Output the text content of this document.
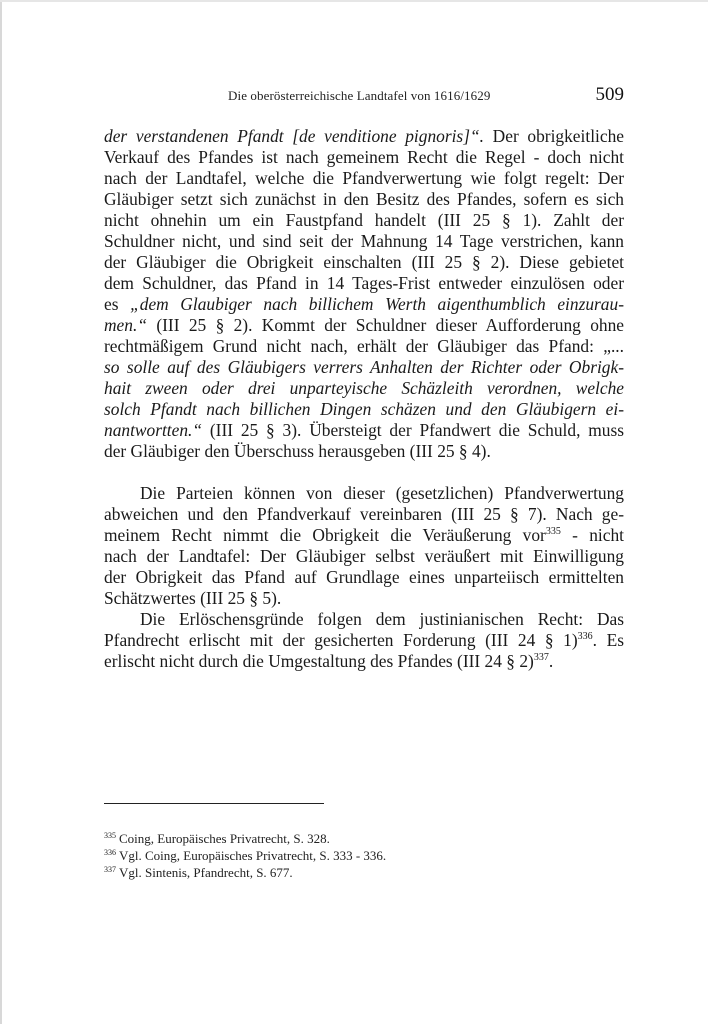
Die oberösterreichische Landtafel von 1616/1629	509

der verstandenen Pfandt [de venditione pignoris]“. Der obrigkeitliche
Verkauf des Pfandes ist nach gemeinem Recht die Regel - doch nicht
nach der Landtafel, welche die Pfandverwertung wie folgt regelt: Der
Gläubiger setzt sich zunächst in den Besitz des Pfandes, sofern es sich
nicht ohnehin um ein Faustpfand handelt (III 25 § 1). Zahlt der
Schuldner nicht, und sind seit der Mahnung 14 Tage verstrichen, kann
der Gläubiger die Obrigkeit einschalten (III 25 § 2). Diese gebietet
dem Schuldner, das Pfand in 14 Tages-Frist entweder einzulösen oder
es „dem Glaubiger nach billichem Werth aigenthumblich einzurau-
men.“ (III 25 § 2). Kommt der Schuldner dieser Aufforderung ohne
rechtmäßigem Grund nicht nach, erhält der Gläubiger das Pfand: „...
so solle auf des Gläubigers verrers Anhalten der Richter oder Obrigk-
hait zween oder drei unparteyische Schäzleith verordnen, welche
solch Pfandt nach billichen Dingen schäzen und den Gläubigern ei-
nantwortten.“ (III 25 § 3). Übersteigt der Pfandwert die Schuld, muss
der Gläubiger den Überschuss herausgeben (III 25 § 4).

Die Parteien können von dieser (gesetzlichen) Pfandverwertung
abweichen und den Pfandverkauf vereinbaren (III 25 § 7). Nach ge-
meinem Recht nimmt die Obrigkeit die Veräußerung vor$^{335}$ - nicht
nach der Landtafel: Der Gläubiger selbst veräußert mit Einwilligung
der Obrigkeit das Pfand auf Grundlage eines unparteiisch ermittelten
Schätzwertes (III 25 § 5).

Die Erlöschensgründe folgen dem justinianischen Recht: Das
Pfandrecht erlischt mit der gesicherten Forderung (III 24 § 1)$^{336}$. Es
erlischt nicht durch die Umgestaltung des Pfandes (III 24 § 2)$^{337}$.

$^{335}$ Coing, Europäisches Privatrecht, S. 328.

$^{336}$ Vgl. Coing, Europäisches Privatrecht, S. 333 - 336.

$^{337}$ Vgl. Sintenis, Pfandrecht, S. 677.
